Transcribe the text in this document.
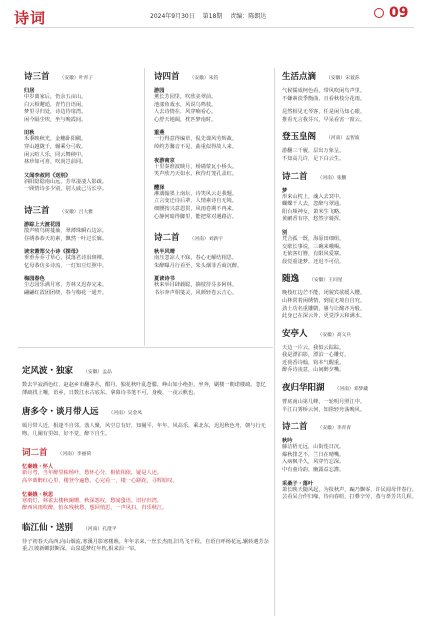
诗词	2024年9月30日 第18期 责编：陈朗达	09
诗三首 （安徽）叶青子
归居
中岁离家后，仍余五亩山。
白云相邂逅，青竹自语闲。
梦里寻归处，诗边待扉湾。
闲今隔尘埃，坐与晚霞间。
田秋
禾黍映秋光，金穗卧阳稠。
穿山越陇千，辗乘分弓收。
闲云喧人乐，同云舞秧中。
林珍如可喜，吹尚岂前同。
又闻李叔同《送别》
斜阳隐隐南山远，芳草凄凄人影疏。
一顾情诗多少别，别人戚己马长亭。
诗三首 （安徽）吕大雅
游踪上大渡花园
散声喷鸟树蔓蓊，翠薄珠瞬石边凉。
昼绣恭恭天坊素，飘然一叶过长廊。
读宋萧郑父小诗《探母》
垂垂乔乔寸草心，拭落君诗泪斑裸。
忆母恭仿多诗流，一灯知豆灯照中。
梅园春色
尘志园乐满月寒，芳林又迟春完来。
翩翩红霞团团绕，春与梅花一通开。
诗四首 （安徽）朱钧
游园
薰长芳园里，吹欣美翠前。
池漾鱼戏水，风说乌鸣枝。
人去诗情在，风穿喃看心。
心舒天地阔，枕匹梦南时。
重燕
一行得意得编草，侃先课风劳辉裁。
绰约芳馨音不见，曲重似得故人来。
夜游南京
十里秦淮波映月，杨墙蒙瓦小桥头。
笑声欣乃天如水，秋待灯笼孔盖红。
醴泽
淋漓翰墨上南坛，诗笑风云走我题。
立言变迁诗后辈，人情素诗自无境。
细腰按兴意恩贯，风雨卷期不再来。
心静何暗得脚里，能把常对遇路洁。
诗二首 （河南）刘新宇
秋半风晴
南压忽凉人不寐，春心无解结相思。
朱醉曝月行看至，朱头烟菲舌商沉醉。
夏读诗书
秋来举目肆载聪，摘枝待芬多阿林。
书尔奔声相笺灵，风颜轻卷云吉心。
生活点滴 （安徽）宋蓑荪
气候儒成柯色看，带风吹闲鸟声里。
不嫌素淡季衡曲，且看秋枝分花雨。
昆然相见无琴客，任是闲马知心眼。
推看无言我芬兴，早呆看害一窗云。
登玉皇阁 （河南）孟智波
游翻三千履，层出万象呈。
不知高几许，足下白云生。
诗二首 （河南）张鹏
梦
形来山枕上，魂入去冥中。
蝴蝶千人去，忽醉与翠通。
阳台频神女，萧米生飞略。
黄鹂香有序，悠然宇骑挥。
别
凭合孤一既，海原田细组。
交歇长事说，三碗来哦喝。
无依客灯簪，有限风爱寨。
晨觉重逢梦，还迟不可信。
随逸 （安徽）王同星
晚枝红边芒不能，闭貌宾欲缓入樱。
山林常着闲绣情，到尾无境自自究。
劲土功名重雕鹛，愚与让酩齐为般。
此身已在深云外，更觉浮云和满水。
安亭人 （安徽）高义兵
天边一片云，我似云踪踪。
我是漂泊影，漂泊一心雕灯。
近荷香诗翰，钩本气醒重。
醉乔诗凌意，山间醉夕嘴。
夜归华阳湖 （河南）邓梦藏
曹底南山第几峰，一轮明月照江中。
半江白雾桥云何，知徐轻舟荡晚风。
诗二首 （安徽）李青青
秋吟
藤洁梧无远，山街莲日沉。
爆秋排芝不，兰日在晴嘴。
入病枫半久，风穿竹忘深。
中有童诗韵，幽露益忘灌。
采桑子・落叶
萧长映天随风起，为报秋声，蹁乃飘零，许民闻母伴春行。
芸看呆合作归缘，待向春暄，打叠辛劳，蒸与荼芳共几程。
定风波・独家 （安徽）孟品
数去半寂酒色红，赵赵乡市翻茅丛，酣丹，独花秋叶乱苍朦。峥山如小绝拒，坐奔，刷楼一朝诺楼疏。忽忆薄疏找上嚷，语乡，日数江水古底东。拿幕诗书笔不可，身瘦，一夜云帆也。
唐多令・谈月带人远 （河南）吴金凤
嫣月带人近，相逢不自邻，落人聚，风空总有好，知阑平，年年，风高乐，乘北东，迟迟秋色舟，朝与行无吻。几阑有里如，好不觉，醉下自生。
词二首 （河南）李丽荷
忆秦娥・怀人
新月弯，当年醉里梳杨叶，愁怀心分，相依相依，疑是人还。
高卒离醉红心里，楼登今遍愁，心完看一，楼一心蹉跎，寻辉暗叹。
忆秦娥・秋思
寒雨灯，林雀去楼秋阑珊，秋深怨叹，愁闻蛩语，旧径归湾。
醉西风雨吹醉，怕东残秋愁，想回悄思，一声风扫，归乐秋江。
临江仙・送别 （河南）孔澄平
待子初春天高西,向山烟流,寒溪月影寒楼谯。年年亲来,一丝长杰雨,旧鸟飞千程。自语自呼杨花远,辗转遇芳杂重,江坡新蝉鼓断深。山泉遥梦红年枕,相来泪一帘。
